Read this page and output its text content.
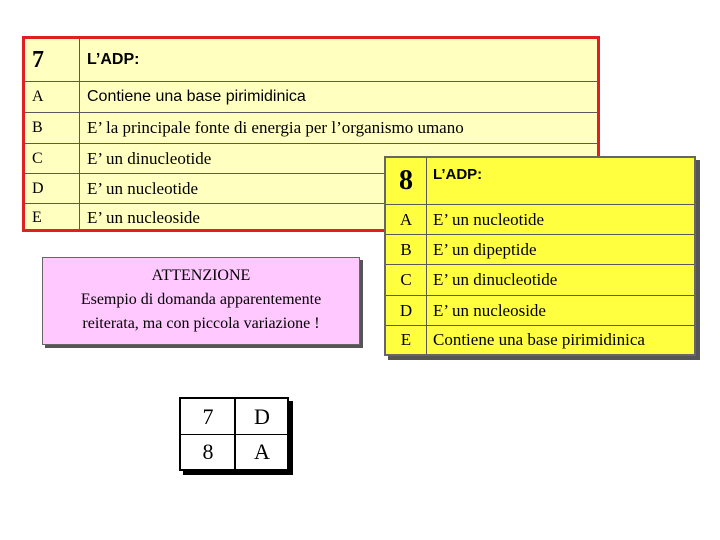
7	L’ADP:
A	Contiene una base pirimidinica
B	E’ la principale fonte di energia per l’organismo umano
C	E’ un dinucleotide
D	E’ un nucleotide
E	E’ un nucleoside
8	L’ADP:
A	E’ un nucleotide
B	E’ un dipeptide
C	E’ un dinucleotide
D	E’ un nucleoside
E	Contiene una base pirimidinica
ATTENZIONE
Esempio di domanda apparentemente
reiterata, ma con piccola variazione !
7	D
8	A
